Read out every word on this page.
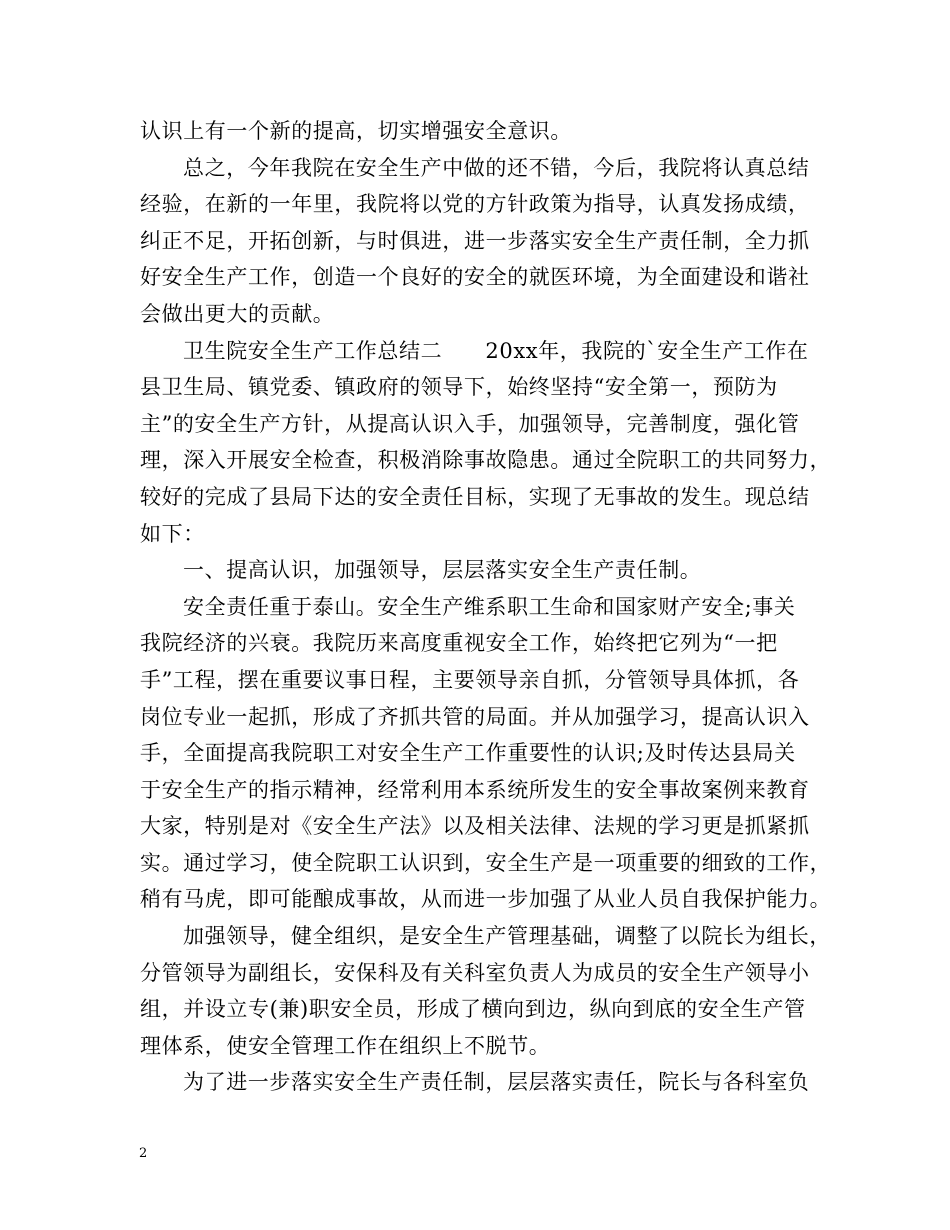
认识上有一个新的提高，切实增强安全意识。
总之，今年我院在安全生产中做的还不错，今后，我院将认真总结
经验，在新的一年里，我院将以党的方针政策为指导，认真发扬成绩，
纠正不足，开拓创新，与时俱进，进一步落实安全生产责任制，全力抓
好安全生产工作，创造一个良好的安全的就医环境，为全面建设和谐社
会做出更大的贡献。
卫生院安全生产工作总结二　　20xx年，我院的`安全生产工作在
县卫生局、镇党委、镇政府的领导下，始终坚持“安全第一，预防为
主”的安全生产方针，从提高认识入手，加强领导，完善制度，强化管
理，深入开展安全检查，积极消除事故隐患。通过全院职工的共同努力，
较好的完成了县局下达的安全责任目标，实现了无事故的发生。现总结
如下：
一、提高认识，加强领导，层层落实安全生产责任制。
安全责任重于泰山。安全生产维系职工生命和国家财产安全;事关
我院经济的兴衰。我院历来高度重视安全工作，始终把它列为“一把
手”工程，摆在重要议事日程，主要领导亲自抓，分管领导具体抓，各
岗位专业一起抓，形成了齐抓共管的局面。并从加强学习，提高认识入
手，全面提高我院职工对安全生产工作重要性的认识;及时传达县局关
于安全生产的指示精神，经常利用本系统所发生的安全事故案例来教育
大家，特别是对《安全生产法》以及相关法律、法规的学习更是抓紧抓
实。通过学习，使全院职工认识到，安全生产是一项重要的细致的工作，
稍有马虎，即可能酿成事故，从而进一步加强了从业人员自我保护能力。
加强领导，健全组织，是安全生产管理基础，调整了以院长为组长，
分管领导为副组长，安保科及有关科室负责人为成员的安全生产领导小
组，并设立专(兼)职安全员，形成了横向到边，纵向到底的安全生产管
理体系，使安全管理工作在组织上不脱节。
为了进一步落实安全生产责任制，层层落实责任，院长与各科室负
2
